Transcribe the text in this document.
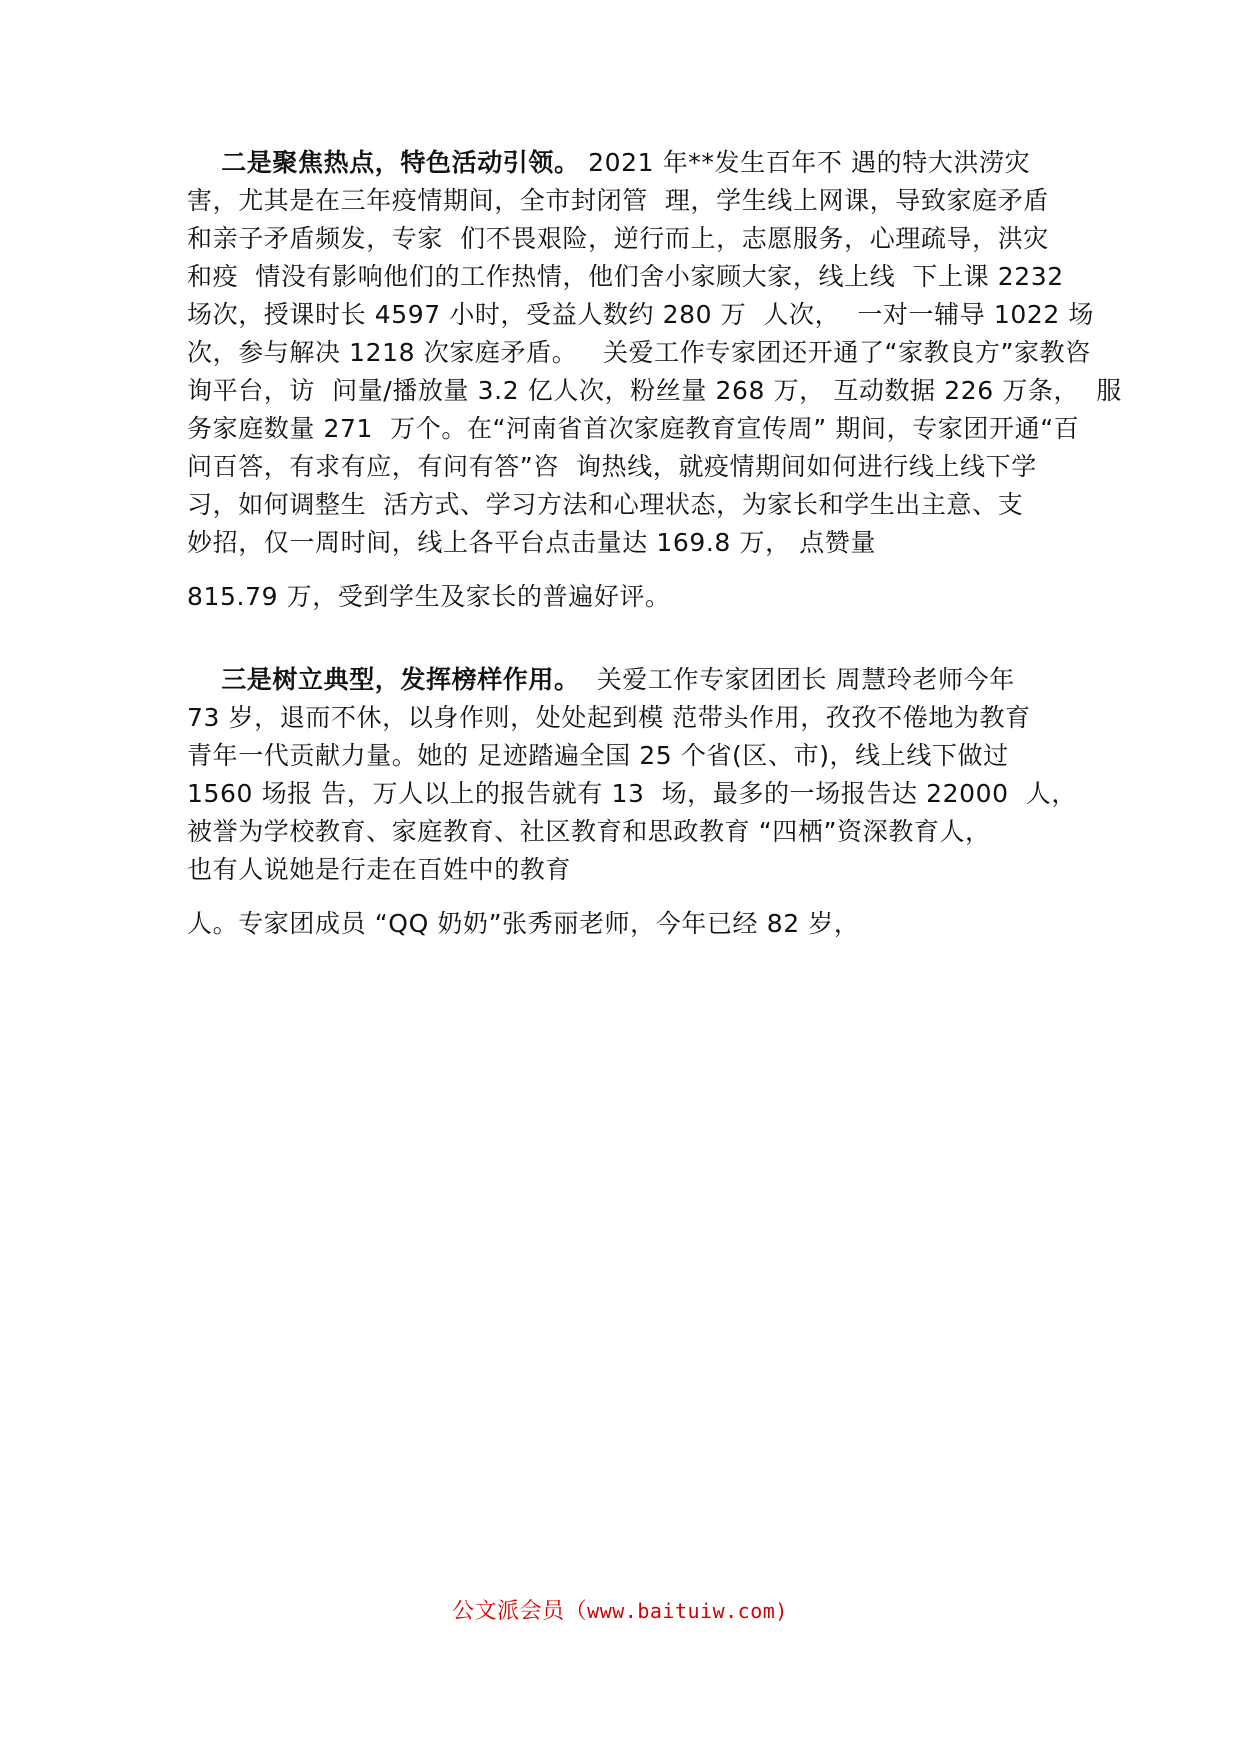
二是聚焦热点，特色活动引领。 2021 年**发生百年不 遇的特大洪涝灾
害，尤其是在三年疫情期间，全市封闭管  理，学生线上网课，导致家庭矛盾
和亲子矛盾频发，专家  们不畏艰险，逆行而上，志愿服务，心理疏导，洪灾
和疫  情没有影响他们的工作热情，他们舍小家顾大家，线上线  下上课 2232
场次，授课时长 4597 小时，受益人数约 280 万  人次，  一对一辅导 1022 场
次，参与解决 1218 次家庭矛盾。   关爱工作专家团还开通了“家教良方”家教咨
询平台，访  问量/播放量 3.2 亿人次，粉丝量 268 万， 互动数据 226 万条，  服
务家庭数量 271  万个。在“河南省首次家庭教育宣传周” 期间，专家团开通“百
问百答，有求有应，有问有答”咨  询热线，就疫情期间如何进行线上线下学
习，如何调整生  活方式、学习方法和心理状态，为家长和学生出主意、支
妙招，仅一周时间，线上各平台点击量达 169.8 万， 点赞量
815.79 万，受到学生及家长的普遍好评。
三是树立典型，发挥榜样作用。  关爱工作专家团团长 周慧玲老师今年
73 岁，退而不休，以身作则，处处起到模 范带头作用，孜孜不倦地为教育
青年一代贡献力量。她的 足迹踏遍全国 25 个省(区、市)，线上线下做过
1560 场报 告，万人以上的报告就有 13  场，最多的一场报告达 22000  人，
被誉为学校教育、家庭教育、社区教育和思政教育 “四栖”资深教育人，
也有人说她是行走在百姓中的教育
人。专家团成员 “QQ 奶奶”张秀丽老师，今年已经 82 岁，
公文派会员（www.baituiw.com)
